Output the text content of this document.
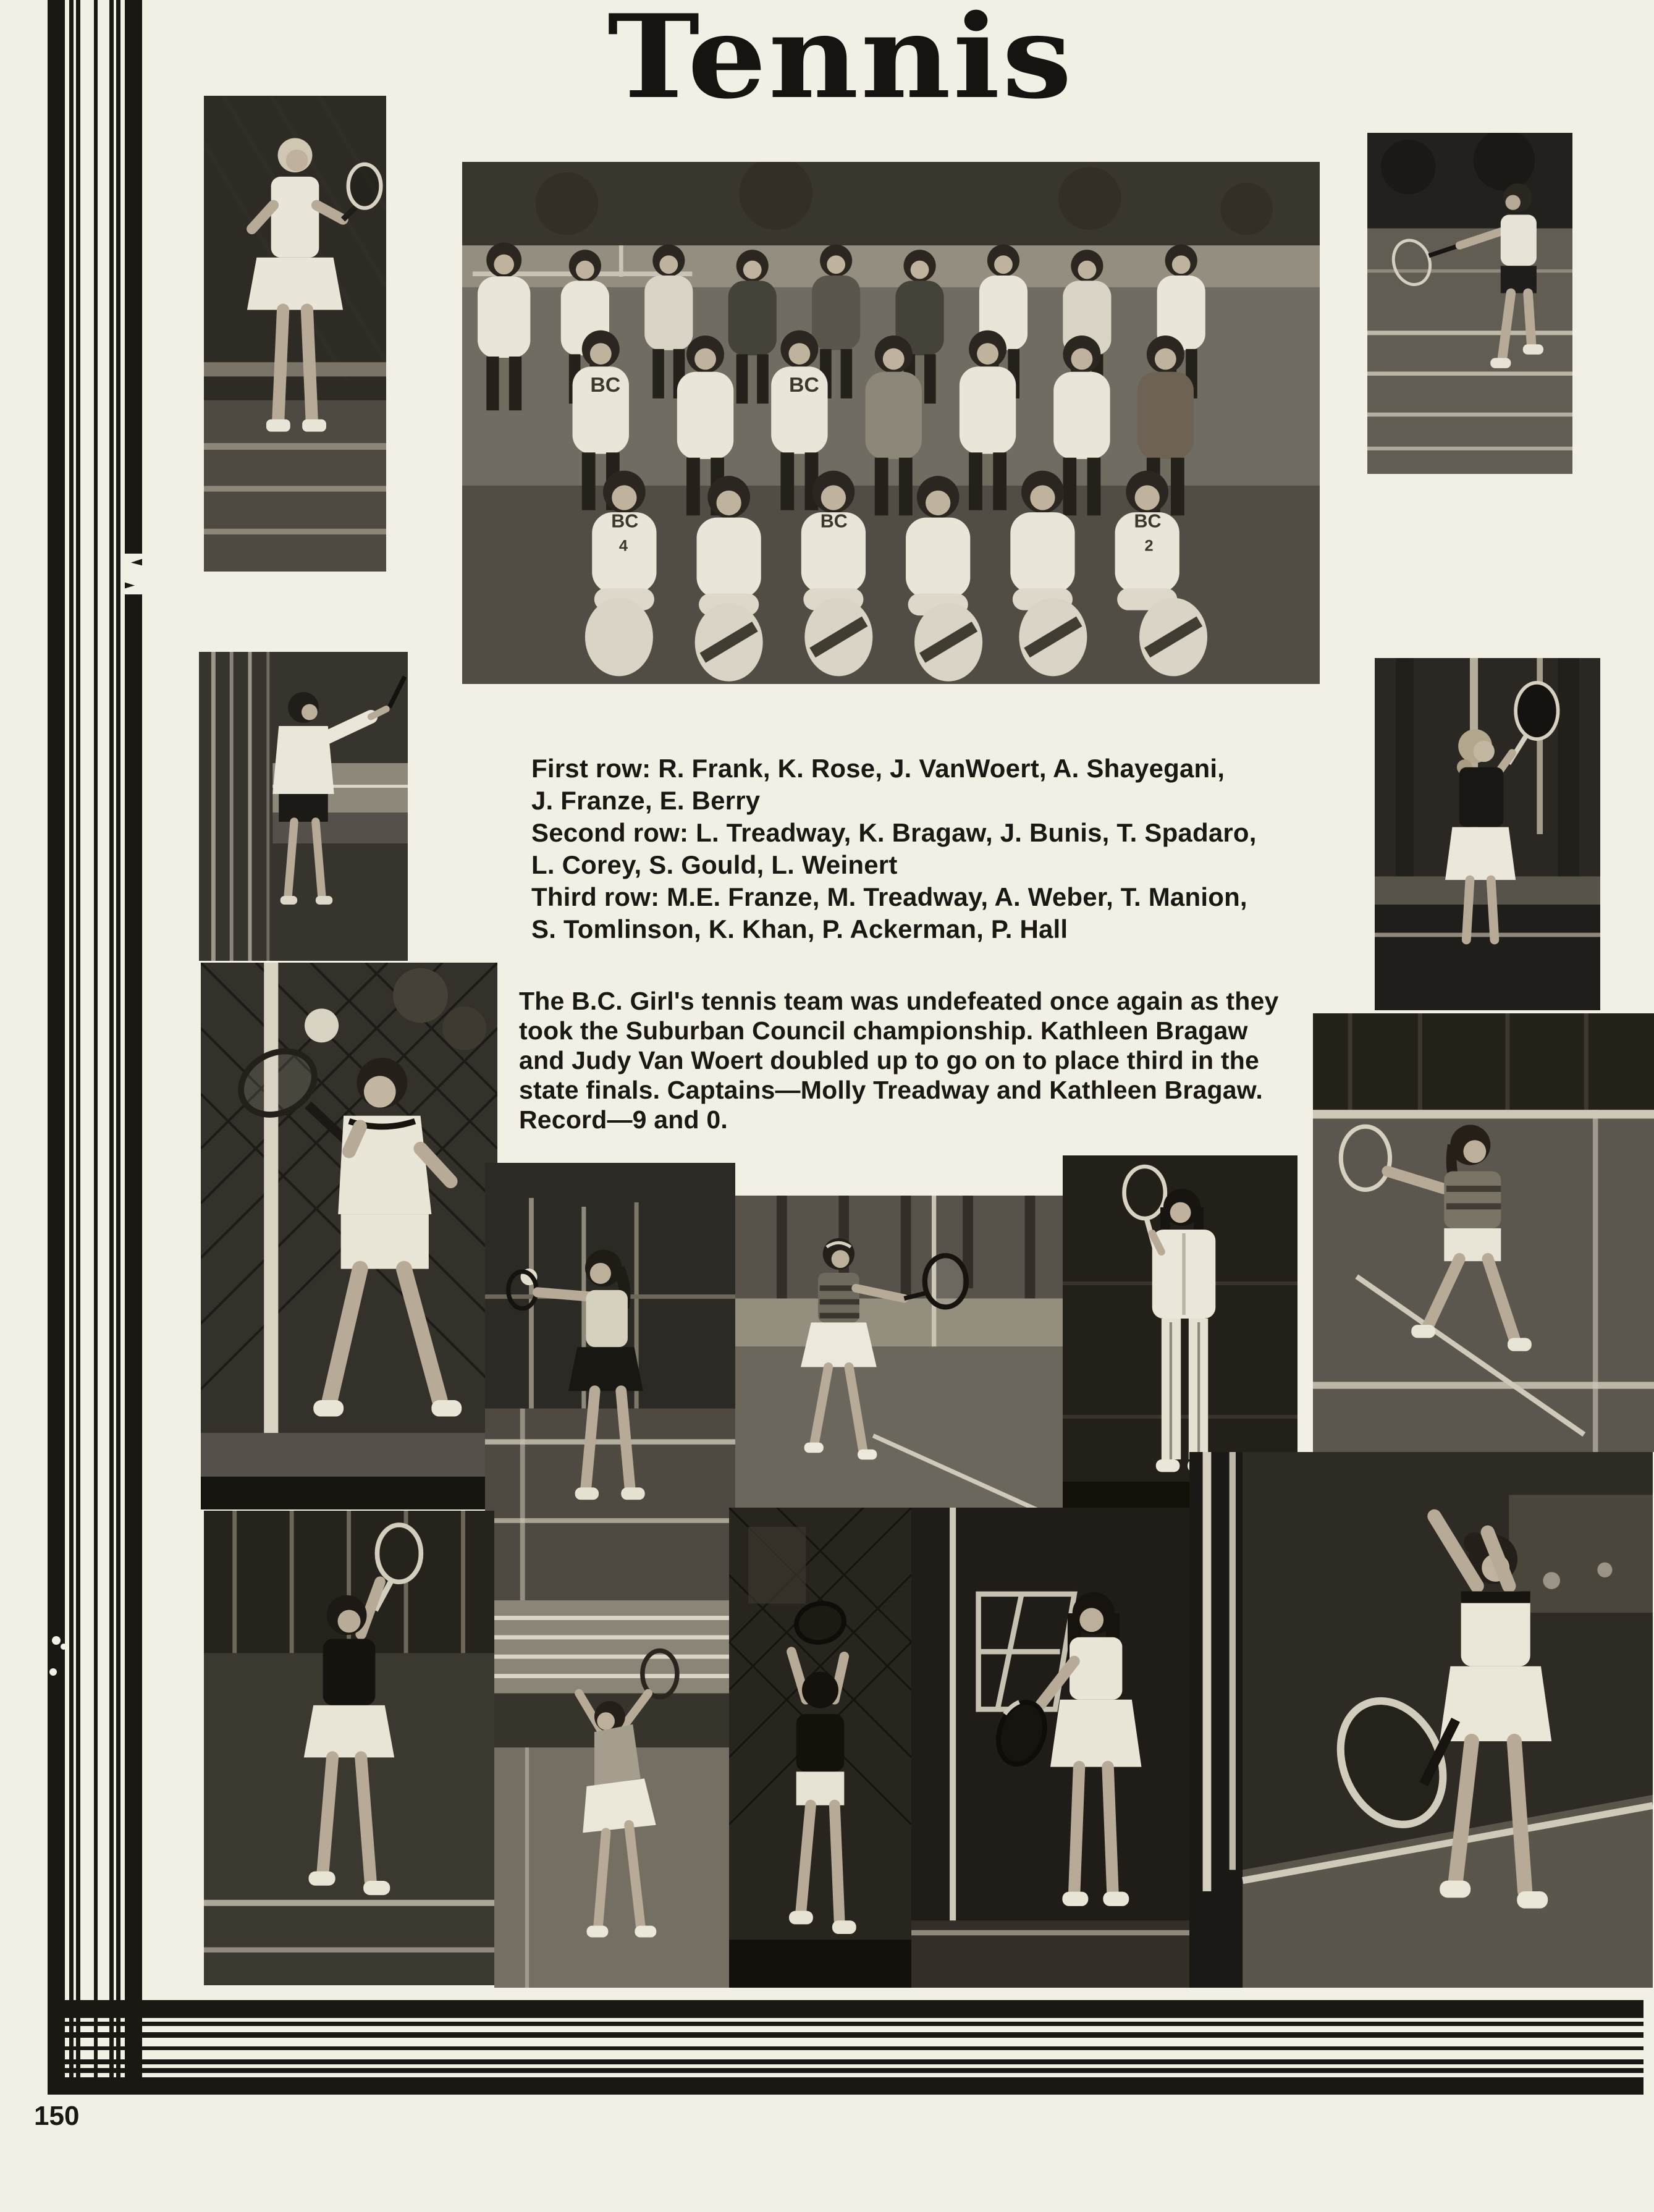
Tennis
BC	BC
BC	BC	BC
4	2
First row: R. Frank, K. Rose, J. VanWoert, A. Shayegani,
J. Franze, E. Berry
Second row: L. Treadway, K. Bragaw, J. Bunis, T. Spadaro,
L. Corey, S. Gould, L. Weinert
Third row: M.E. Franze, M. Treadway, A. Weber, T. Manion,
S. Tomlinson, K. Khan, P. Ackerman, P. Hall
The B.C. Girl's tennis team was undefeated once again as they
took the Suburban Council championship. Kathleen Bragaw
and Judy Van Woert doubled up to go on to place third in the
state finals. Captains—Molly Treadway and Kathleen Bragaw.
Record—9 and 0.
150
